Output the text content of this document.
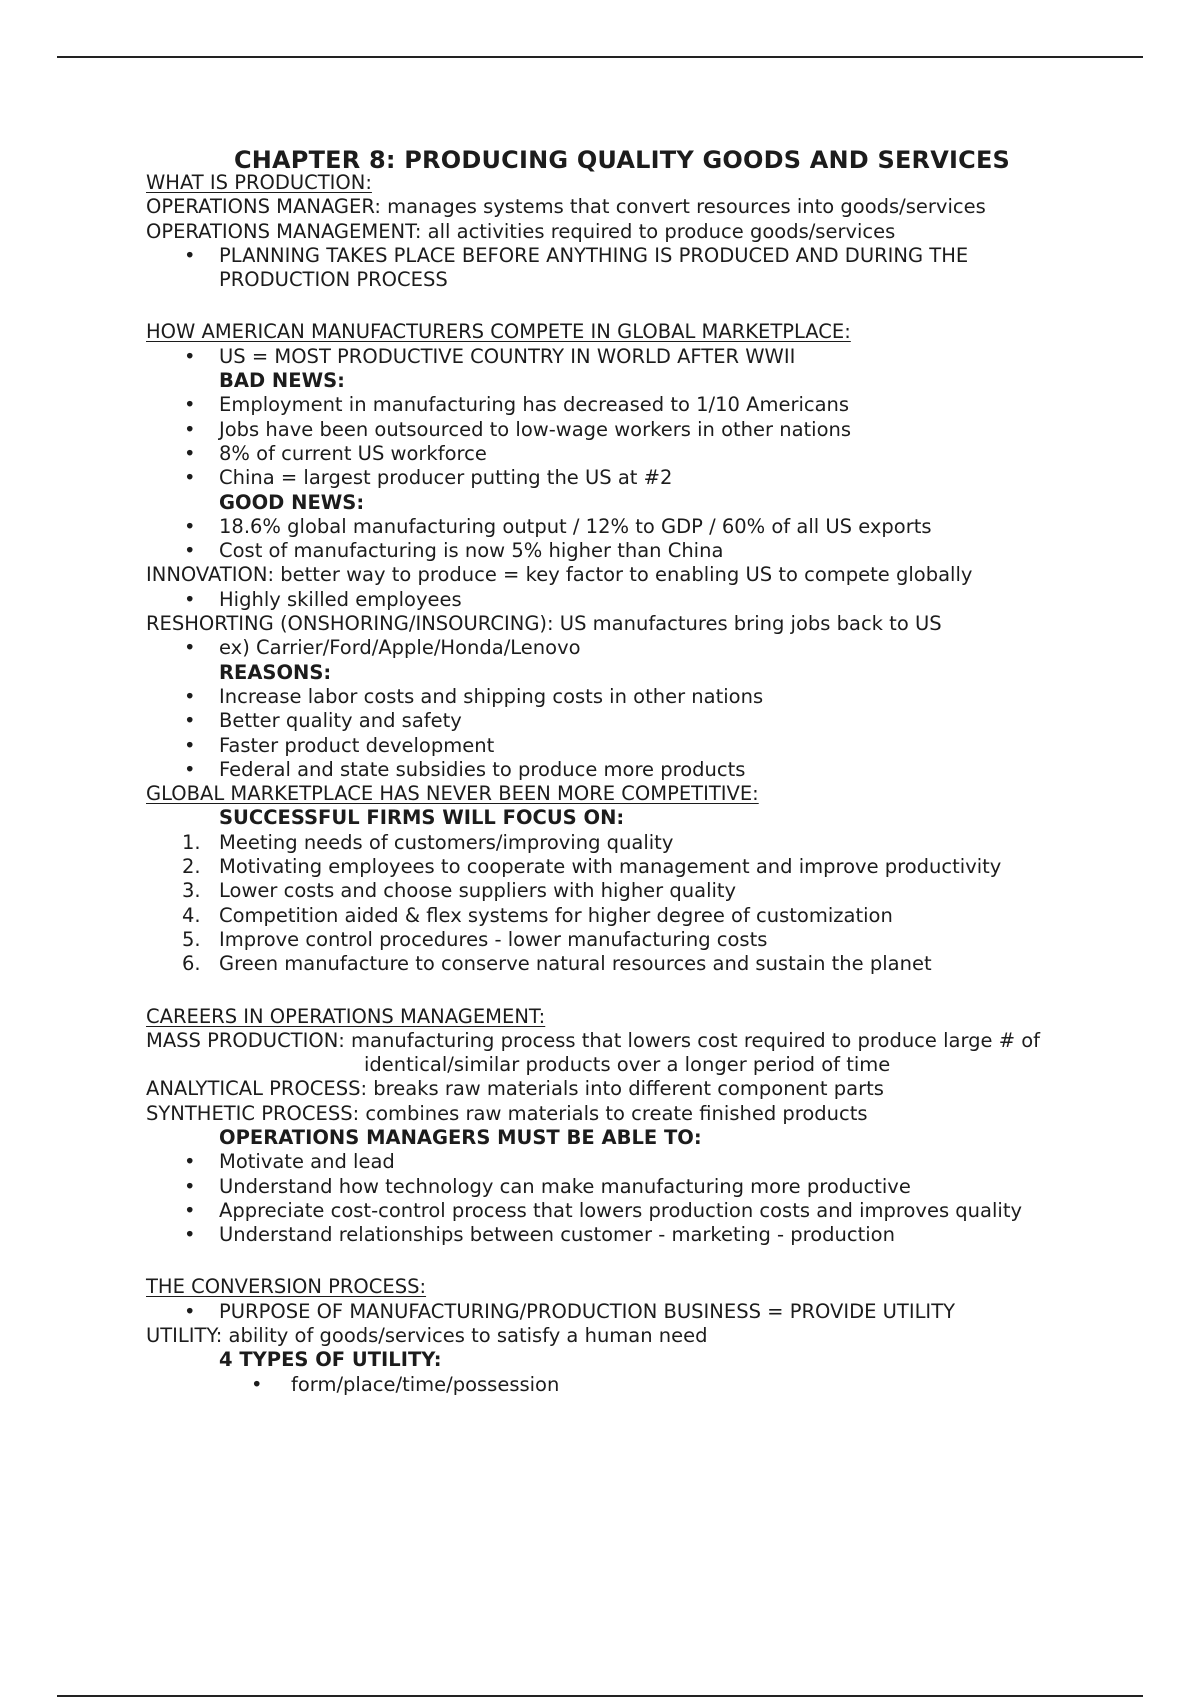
CHAPTER 8: PRODUCING QUALITY GOODS AND SERVICES
WHAT IS PRODUCTION:
OPERATIONS MANAGER: manages systems that convert resources into goods/services
OPERATIONS MANAGEMENT: all activities required to produce goods/services
• PLANNING TAKES PLACE BEFORE ANYTHING IS PRODUCED AND DURING THE
PRODUCTION PROCESS
HOW AMERICAN MANUFACTURERS COMPETE IN GLOBAL MARKETPLACE:
• US = MOST PRODUCTIVE COUNTRY IN WORLD AFTER WWII
BAD NEWS:
• Employment in manufacturing has decreased to 1/10 Americans
• Jobs have been outsourced to low-wage workers in other nations
• 8% of current US workforce
• China = largest producer putting the US at #2
GOOD NEWS:
• 18.6% global manufacturing output / 12% to GDP / 60% of all US exports
• Cost of manufacturing is now 5% higher than China
INNOVATION: better way to produce = key factor to enabling US to compete globally
• Highly skilled employees
RESHORTING (ONSHORING/INSOURCING): US manufactures bring jobs back to US
• ex) Carrier/Ford/Apple/Honda/Lenovo
REASONS:
• Increase labor costs and shipping costs in other nations
• Better quality and safety
• Faster product development
• Federal and state subsidies to produce more products
GLOBAL MARKETPLACE HAS NEVER BEEN MORE COMPETITIVE:
SUCCESSFUL FIRMS WILL FOCUS ON:
1. Meeting needs of customers/improving quality
2. Motivating employees to cooperate with management and improve productivity
3. Lower costs and choose suppliers with higher quality
4. Competition aided & flex systems for higher degree of customization
5. Improve control procedures - lower manufacturing costs
6. Green manufacture to conserve natural resources and sustain the planet
CAREERS IN OPERATIONS MANAGEMENT:
MASS PRODUCTION: manufacturing process that lowers cost required to produce large # of
identical/similar products over a longer period of time
ANALYTICAL PROCESS: breaks raw materials into different component parts
SYNTHETIC PROCESS: combines raw materials to create finished products
OPERATIONS MANAGERS MUST BE ABLE TO:
• Motivate and lead
• Understand how technology can make manufacturing more productive
• Appreciate cost-control process that lowers production costs and improves quality
• Understand relationships between customer - marketing - production
THE CONVERSION PROCESS:
• PURPOSE OF MANUFACTURING/PRODUCTION BUSINESS = PROVIDE UTILITY
UTILITY: ability of goods/services to satisfy a human need
4 TYPES OF UTILITY:
• form/place/time/possession
